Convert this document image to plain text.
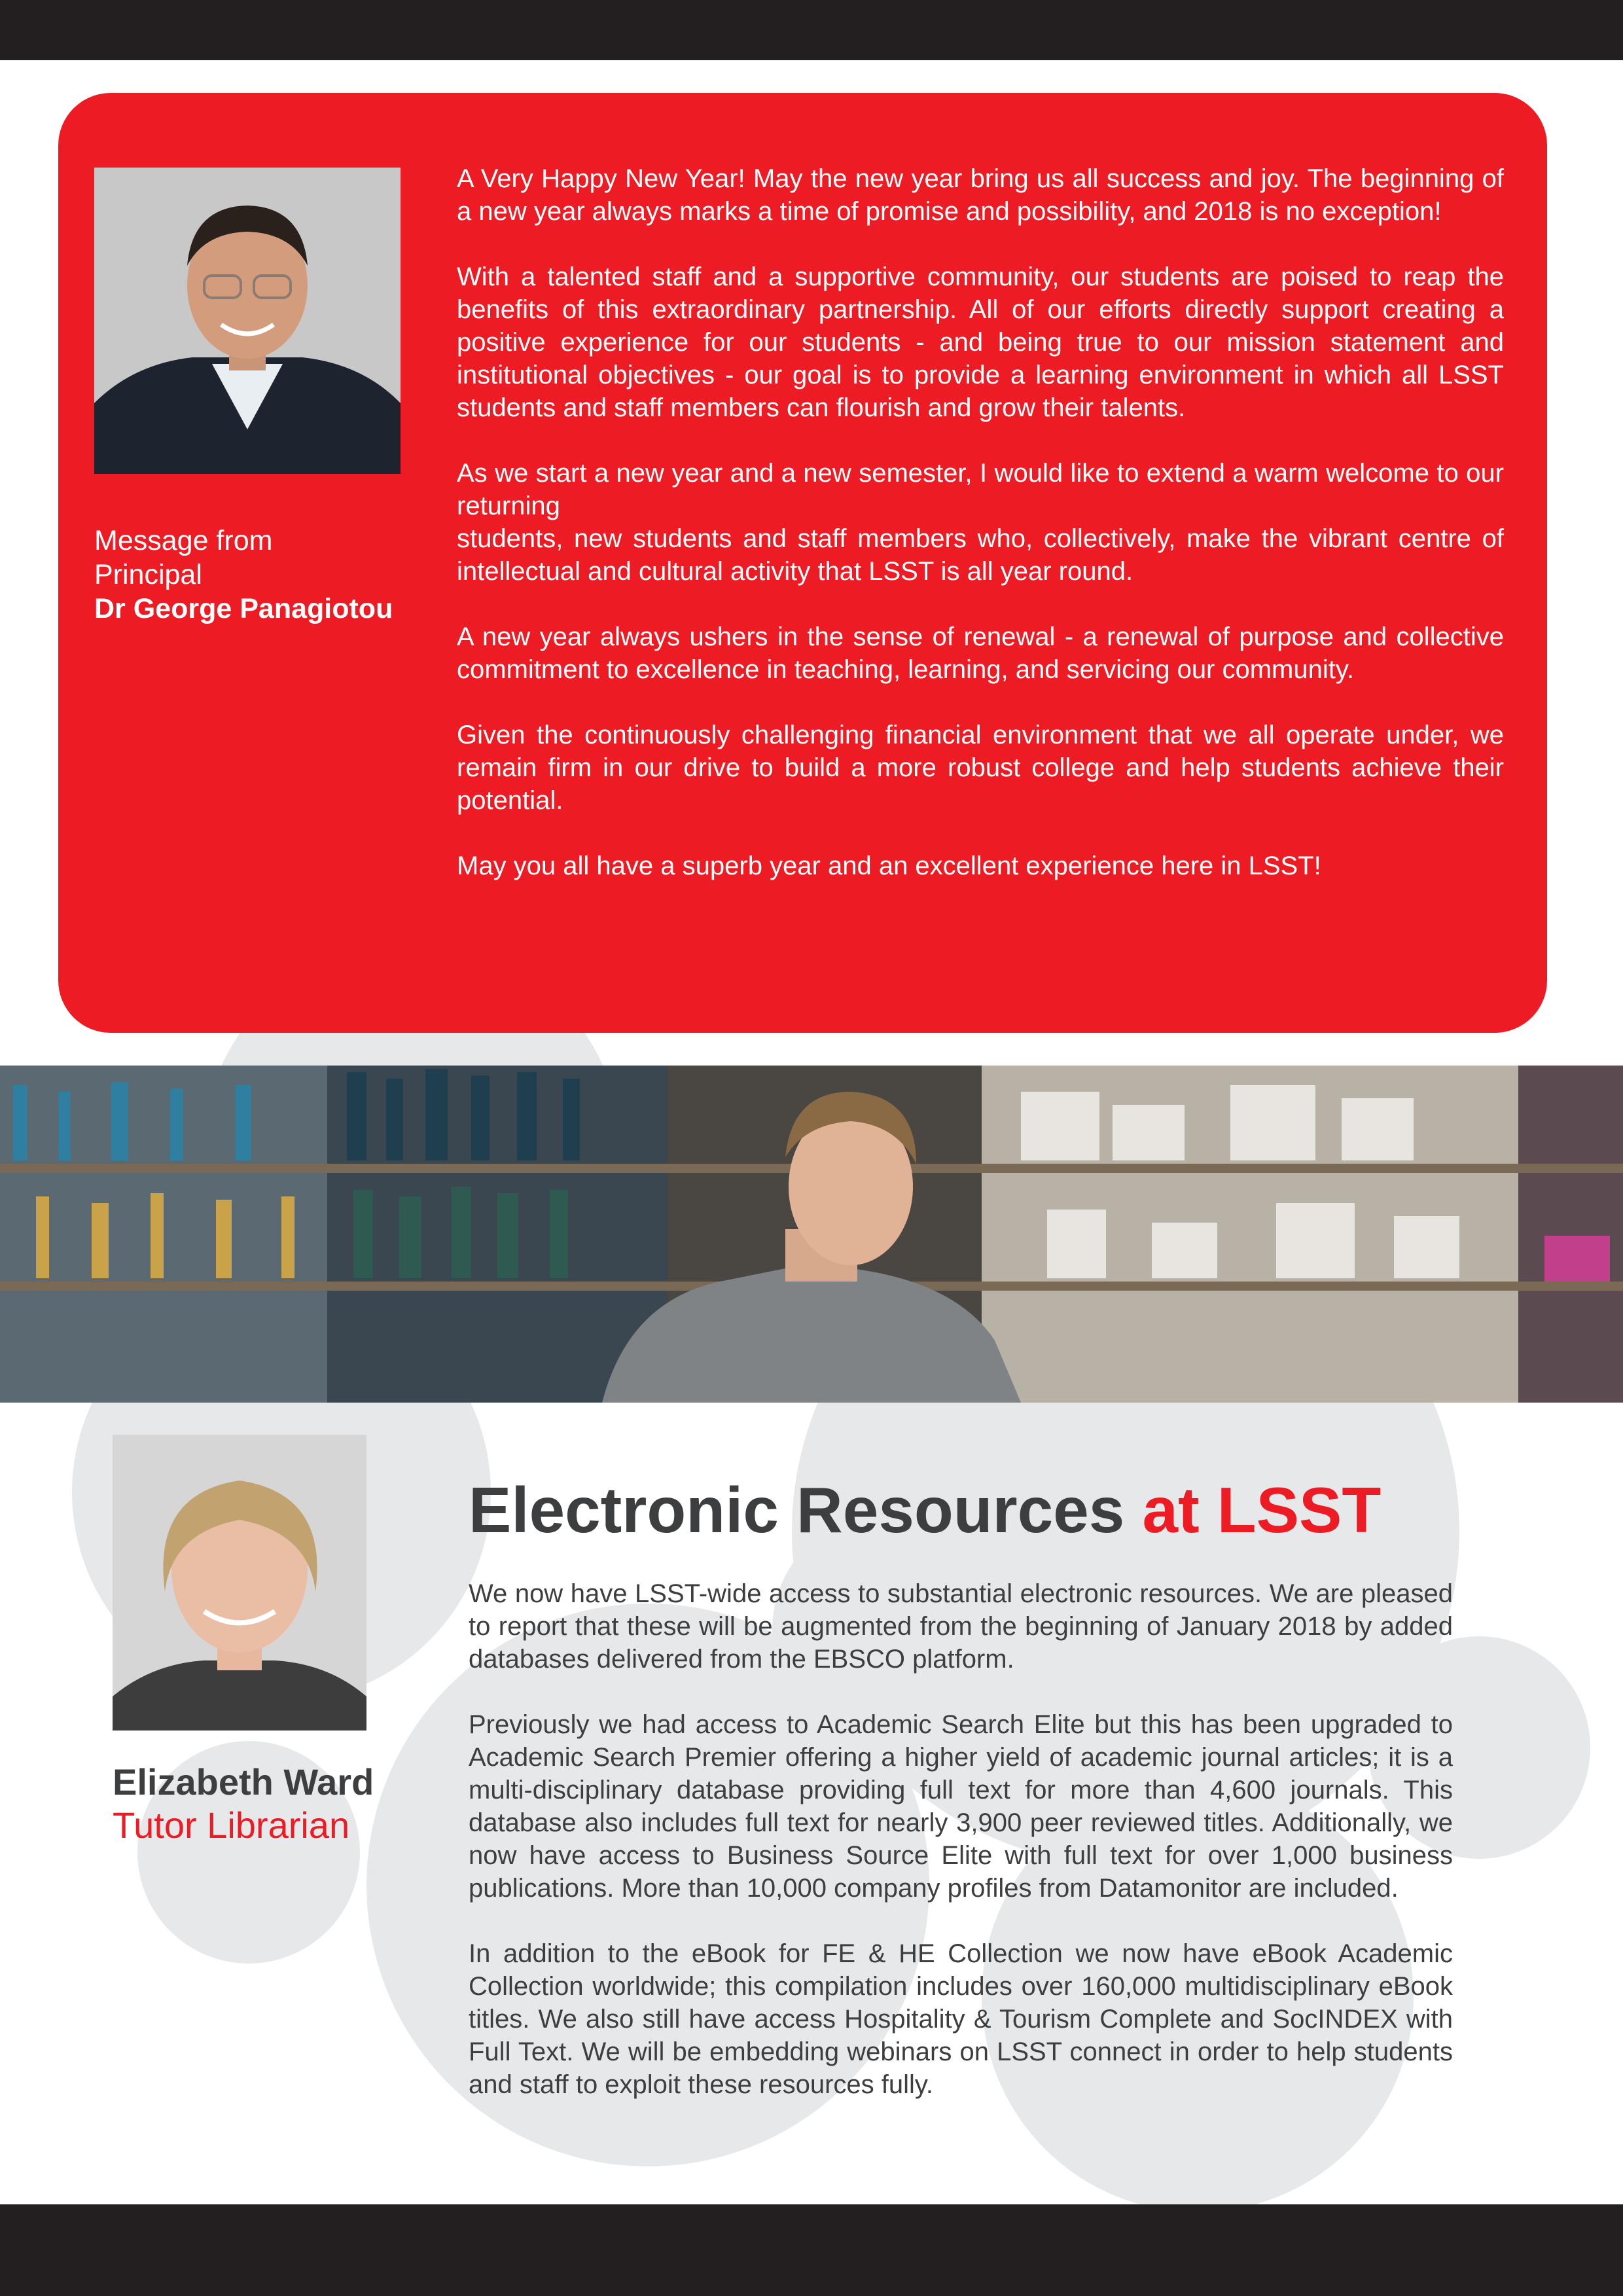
Message from
Principal
Dr George Panagiotou

A Very Happy New Year! May the new year bring us all success and joy. The beginning of a new year always marks a time of promise and possibility, and 2018 is no exception!

With a talented staff and a supportive community, our students are poised to reap the benefits of this extraordinary partnership. All of our efforts directly support creating a positive experience for our students - and being true to our mission statement and institutional objectives - our goal is to provide a learning environment in which all LSST students and staff members can flourish and grow their talents.

As we start a new year and a new semester, I would like to extend a warm welcome to our returning

students, new students and staff members who, collectively, make the vibrant centre of intellectual and cultural activity that LSST is all year round.

A new year always ushers in the sense of renewal - a renewal of purpose and collective commitment to excellence in teaching, learning, and servicing our community.

Given the continuously challenging financial environment that we all operate under, we remain firm in our drive to build a more robust college and help students achieve their potential.

May you all have a superb year and an excellent experience here in LSST!

Elizabeth Ward
Tutor Librarian
Electronic Resources at LSST

We now have LSST-wide access to substantial electronic resources. We are pleased to report that these will be augmented from the beginning of January 2018 by added databases delivered from the EBSCO platform.

Previously we had access to Academic Search Elite but this has been upgraded to Academic Search Premier offering a higher yield of academic journal articles; it is a multi-disciplinary database providing full text for more than 4,600 journals. This database also includes full text for nearly 3,900 peer reviewed titles. Additionally, we now have access to Business Source Elite with full text for over 1,000 business publications. More than 10,000 company profiles from Datamonitor are included.

In addition to the eBook for FE & HE Collection we now have eBook Academic Collection worldwide; this compilation includes over 160,000 multidisciplinary eBook titles. We also still have access Hospitality & Tourism Complete and SocINDEX with Full Text. We will be embedding webinars on LSST connect in order to help students and staff to exploit these resources fully.
